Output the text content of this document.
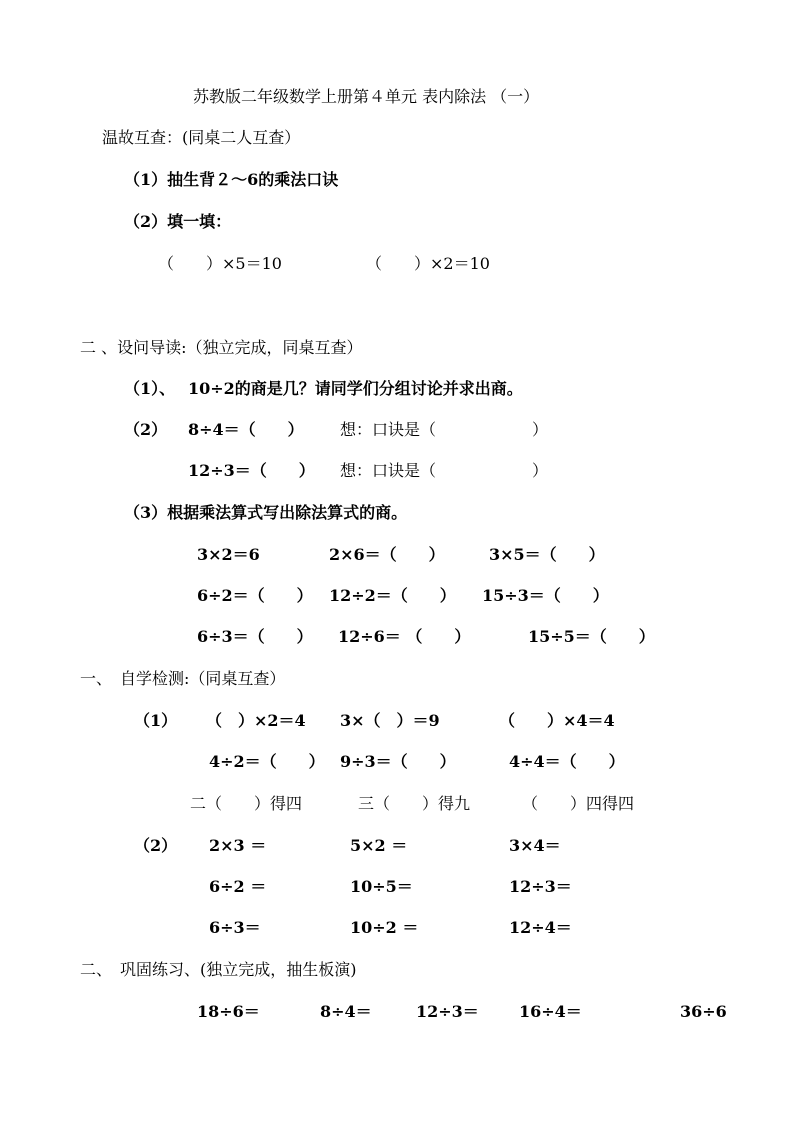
苏教版二年级数学上册第４单元 表内除法 （一）
温故互查：(同桌二人互查）
（1）抽生背２～6的乘法口诀
（2）填一填：
（　　）×5＝10	（　　）×2＝10
二 、设问导读:（独立完成，同桌互查）
（1）、 10÷2的商是几？请同学们分组讨论并求出商。
（2） 8÷4＝（　　） 想：口诀是（　　　　　　）
12÷3＝（　　） 想：口诀是（　　　　　　）
（3）根据乘法算式写出除法算式的商。
3×2＝6	2×6＝（　　）	3×5＝（　　）
6÷2＝（　　） 12÷2＝（　　） 15÷3＝（　　）
6÷3＝（　　） 12÷6＝ （　　）	15÷5＝（　　）
一、　自学检测:（同桌互查）
（1） （　）×2＝4 3×（　）＝9	（　　）×4＝4
4÷2＝（　　） 9÷3＝（　　）	4÷4＝（　　）
二（　　）得四	三（　　）得九	（　　）四得四
（2） 2×3 ＝	5×2 ＝	3×4＝
6÷2 ＝	10÷5＝	12÷3＝
6÷3＝	10÷2 ＝	12÷4＝
二、　巩固练习、(独立完成，抽生板演)
18÷6＝	8÷4＝	12÷3＝	16÷4＝	36÷6
